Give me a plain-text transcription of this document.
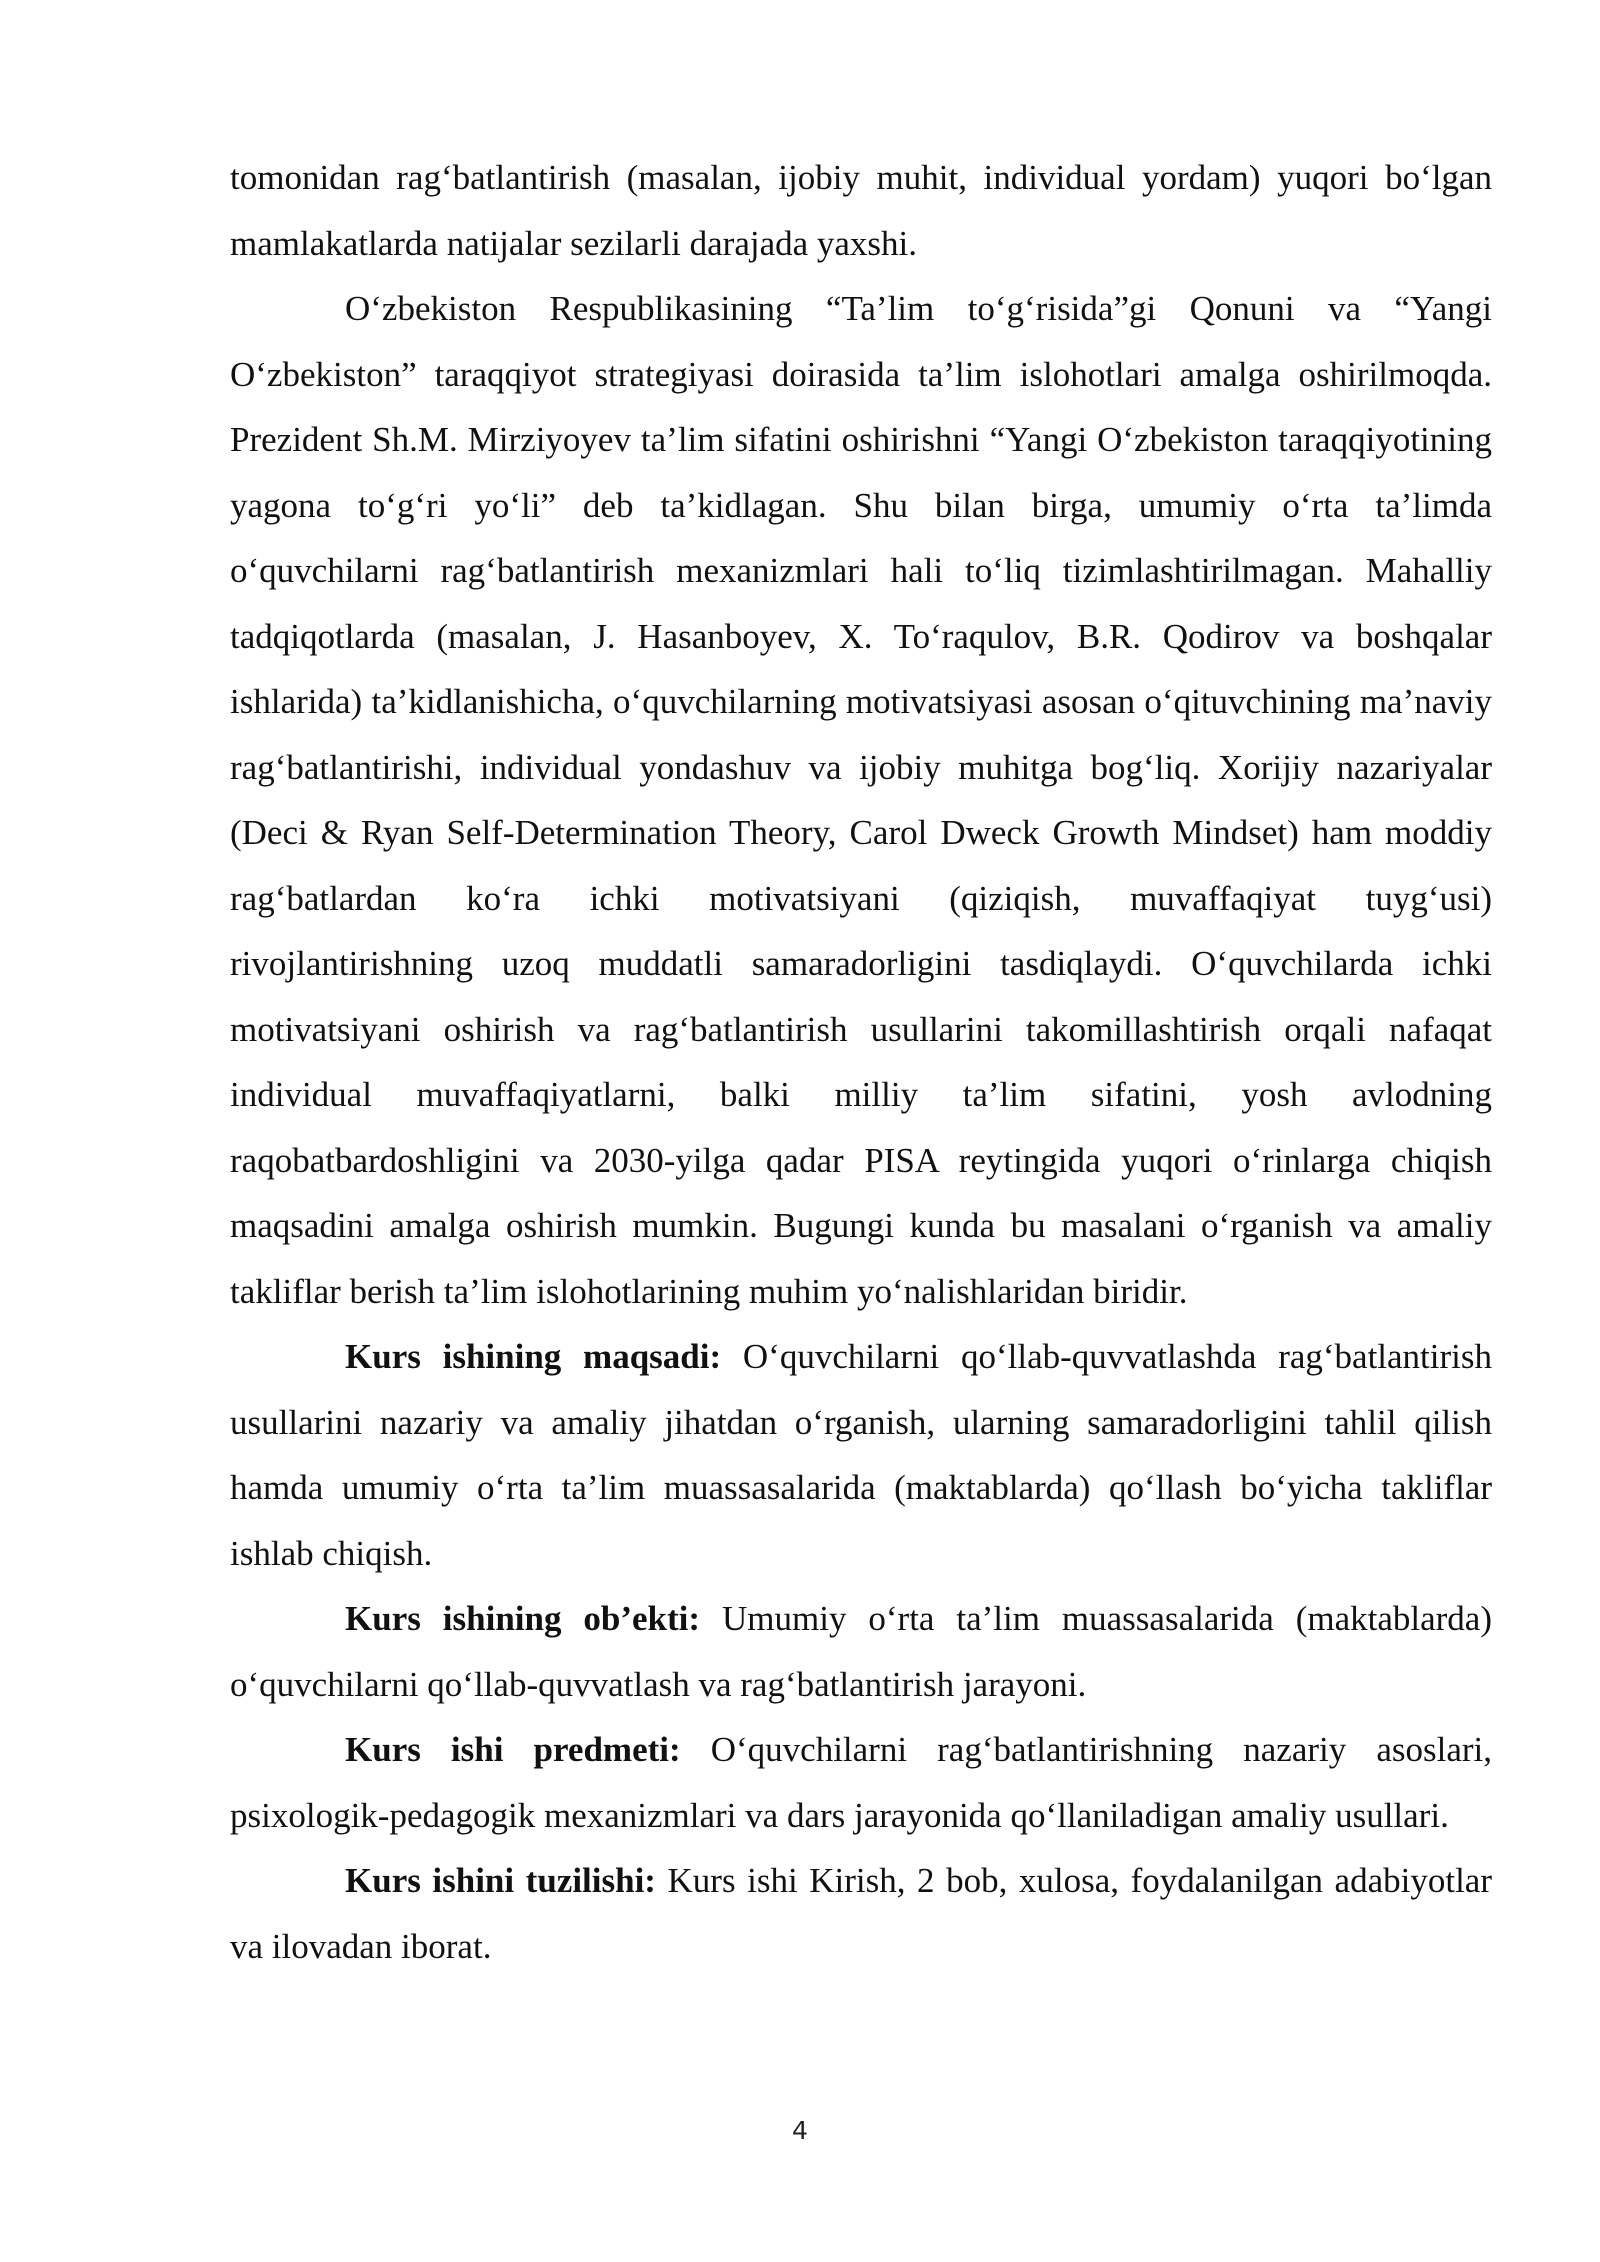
tomonidan rag‘batlantirish (masalan, ijobiy muhit, individual yordam) yuqori bo‘lgan mamlakatlarda natijalar sezilarli darajada yaxshi.

O‘zbekiston Respublikasining “Ta’lim to‘g‘risida”gi Qonuni va “Yangi O‘zbekiston” taraqqiyot strategiyasi doirasida ta’lim islohotlari amalga oshirilmoqda. Prezident Sh.M. Mirziyoyev ta’lim sifatini oshirishni “Yangi O‘zbekiston taraqqiyotining yagona to‘g‘ri yo‘li” deb ta’kidlagan. Shu bilan birga, umumiy o‘rta ta’limda o‘quvchilarni rag‘batlantirish mexanizmlari hali to‘liq tizimlashtirilmagan. Mahalliy tadqiqotlarda (masalan, J. Hasanboyev, X. To‘raqulov, B.R. Qodirov va boshqalar ishlarida) ta’kidlanishicha, o‘quvchilarning motivatsiyasi asosan o‘qituvchining ma’naviy rag‘batlantirishi, individual yondashuv va ijobiy muhitga bog‘liq. Xorijiy nazariyalar (Deci & Ryan Self-Determination Theory, Carol Dweck Growth Mindset) ham moddiy rag‘batlardan ko‘ra ichki motivatsiyani (qiziqish, muvaffaqiyat tuyg‘usi) rivojlantirishning uzoq muddatli samaradorligini tasdiqlaydi. O‘quvchilarda ichki motivatsiyani oshirish va rag‘batlantirish usullarini takomillashtirish orqali nafaqat individual muvaffaqiyatlarni, balki milliy ta’lim sifatini, yosh avlodning raqobatbardoshligini va 2030-yilga qadar PISA reytingida yuqori o‘rinlarga chiqish maqsadini amalga oshirish mumkin. Bugungi kunda bu masalani o‘rganish va amaliy takliflar berish ta’lim islohotlarining muhim yo‘nalishlaridan biridir.

Kurs ishining maqsadi: O‘quvchilarni qo‘llab-quvvatlashda rag‘batlantirish usullarini nazariy va amaliy jihatdan o‘rganish, ularning samaradorligini tahlil qilish hamda umumiy o‘rta ta’lim muassasalarida (maktablarda) qo‘llash bo‘yicha takliflar ishlab chiqish.

Kurs ishining ob’ekti: Umumiy o‘rta ta’lim muassasalarida (maktablarda) o‘quvchilarni qo‘llab-quvvatlash va rag‘batlantirish jarayoni.

Kurs ishi predmeti: O‘quvchilarni rag‘batlantirishning nazariy asoslari, psixologik-pedagogik mexanizmlari va dars jarayonida qo‘llaniladigan amaliy usullari.

Kurs ishini tuzilishi: Kurs ishi Kirish, 2 bob, xulosa, foydalanilgan adabiyotlar va ilovadan iborat.

4
